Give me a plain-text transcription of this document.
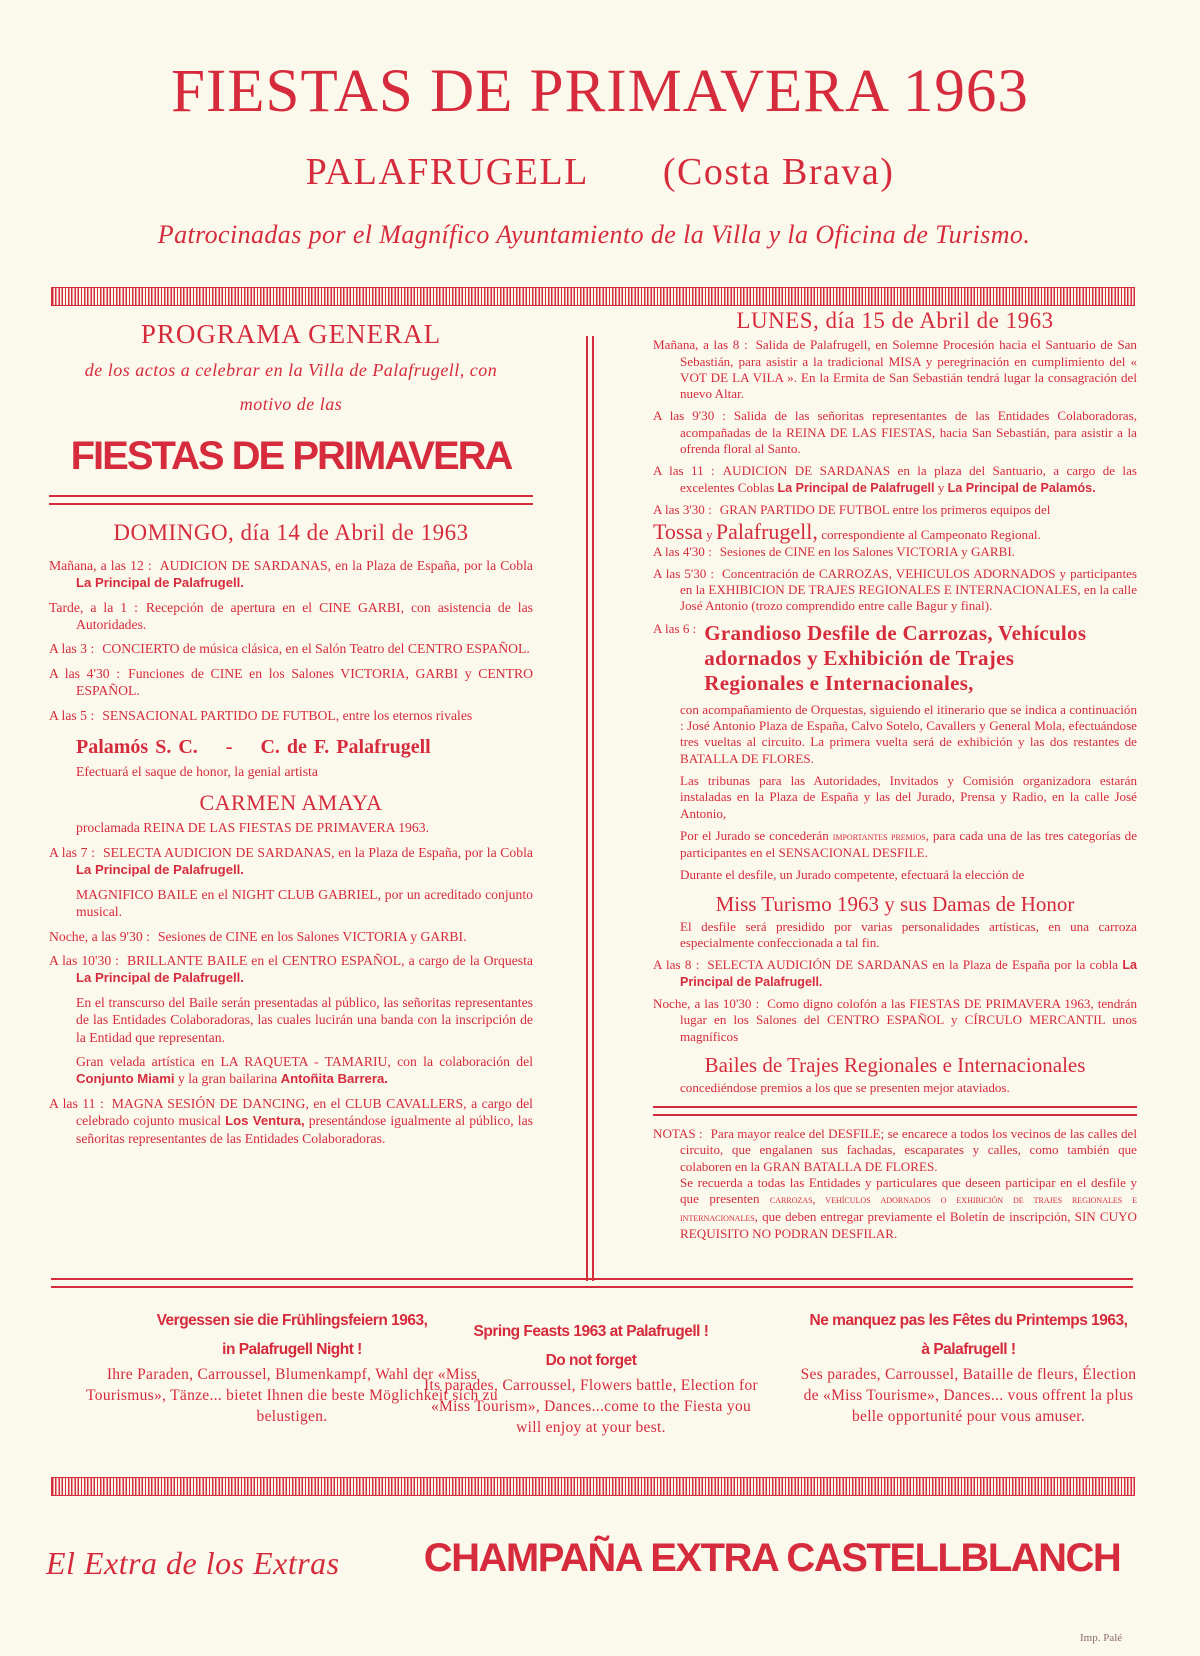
FIESTAS DE PRIMAVERA 1963
PALAFRUGELL (Costa Brava)
Patrocinadas por el Magnífico Ayuntamiento de la Villa y la Oficina de Turismo.
PROGRAMA GENERAL
de los actos a celebrar en la Villa de Palafrugell, con
motivo de las
FIESTAS DE PRIMAVERA
DOMINGO, día 14 de Abril de 1963
Mañana, a las 12 : AUDICION DE SARDANAS, en la Plaza de España, por la Cobla La Principal de Palafrugell.
Tarde, a la 1 : Recepción de apertura en el CINE GARBI, con asistencia de las Autoridades.
A las 3 : CONCIERTO de música clásica, en el Salón Teatro del CENTRO ESPAÑOL.
A las 4'30 : Funciones de CINE en los Salones VICTORIA, GARBI y CENTRO ESPAÑOL.
A las 5 : SENSACIONAL PARTIDO DE FUTBOL, entre los eternos rivales
Palamós S. C.    -    C. de F. Palafrugell
Efectuará el saque de honor, la genial artista
CARMEN AMAYA
proclamada REINA DE LAS FIESTAS DE PRIMAVERA 1963.
A las 7 : SELECTA AUDICION DE SARDANAS, en la Plaza de España, por la Cobla La Principal de Palafrugell.
MAGNIFICO BAILE en el NIGHT CLUB GABRIEL, por un acreditado conjunto musical.
Noche, a las 9'30 : Sesiones de CINE en los Salones VICTORIA y GARBI.
A las 10'30 : BRILLANTE BAILE en el CENTRO ESPAÑOL, a cargo de la Orquesta La Principal de Palafrugell.
En el transcurso del Baile serán presentadas al público, las señoritas representantes de las Entidades Colaboradoras, las cuales lucirán una banda con la inscripción de la Entidad que representan.
Gran velada artística en LA RAQUETA - TAMARIU, con la colaboración del Conjunto Miami y la gran bailarina Antoñita Barrera.
A las 11 : MAGNA SESIÓN DE DANCING, en el CLUB CAVALLERS, a cargo del celebrado cojunto musical Los Ventura, presentándose igualmente al público, las señoritas representantes de las Entidades Colaboradoras.
LUNES, día 15 de Abril de 1963
Mañana, a las 8 : Salida de Palafrugell, en Solemne Procesión hacia el Santuario de San Sebastián, para asistir a la tradicional MISA y peregrinación en cumplimiento del « VOT DE LA VILA ». En la Ermita de San Sebastián tendrá lugar la consagración del nuevo Altar.
A las 9'30 : Salida de las señoritas representantes de las Entidades Colaboradoras, acompañadas de la REINA DE LAS FIESTAS, hacia San Sebastián, para asistir a la ofrenda floral al Santo.
A las 11 : AUDICION DE SARDANAS en la plaza del Santuario, a cargo de las excelentes Coblas La Principal de Palafrugell y La Principal de Palamós.
A las 3'30 : GRAN PARTIDO DE FUTBOL entre los primeros equipos del
Tossa y Palafrugell, correspondiente al Campeonato Regional.
A las 4'30 : Sesiones de CINE en los Salones VICTORIA y GARBI.
A las 5'30 : Concentración de CARROZAS, VEHICULOS ADORNADOS y participantes en la EXHIBICION DE TRAJES REGIONALES E INTERNACIONALES, en la calle José Antonio (trozo comprendido entre calle Bagur y final).
A las 6 : Grandioso Desfile de Carrozas, Vehículos adornados y Exhibición de Trajes Regionales e Internacionales,
con acompañamiento de Orquestas, siguiendo el itinerario que se indica a continuación : José Antonio Plaza de España, Calvo Sotelo, Cavallers y General Mola, efectuándose tres vueltas al circuito. La primera vuelta será de exhibición y las dos restantes de BATALLA DE FLORES.
Las tribunas para las Autoridades, Invitados y Comisión organizadora estarán instaladas en la Plaza de España y las del Jurado, Prensa y Radio, en la calle José Antonio,
Por el Jurado se concederán importantes premios, para cada una de las tres categorías de participantes en el SENSACIONAL DESFILE.
Durante el desfile, un Jurado competente, efectuará la elección de
Miss Turismo 1963 y sus Damas de Honor
El desfile será presidido por varias personalidades artísticas, en una carroza especialmente confeccionada a tal fin.
A las 8 : SELECTA AUDICIÓN DE SARDANAS en la Plaza de España por la cobla La Principal de Palafrugell.
Noche, a las 10'30 : Como digno colofón a las FIESTAS DE PRIMAVERA 1963, tendrán lugar en los Salones del CENTRO ESPAÑOL y CÍRCULO MERCANTIL unos magníficos
Bailes de Trajes Regionales e Internacionales
concediéndose premios a los que se presenten mejor ataviados.
NOTAS : Para mayor realce del DESFILE; se encarece a todos los vecinos de las calles del circuito, que engalanen sus fachadas, escaparates y calles, como también que colaboren en la GRAN BATALLA DE FLORES.
Se recuerda a todas las Entidades y particulares que deseen participar en el desfile y que presenten carrozas, vehículos adornados o exhibición de trajes regionales e internacionales, que deben entregar previamente el Boletín de inscripción, SIN CUYO REQUISITO NO PODRAN DESFILAR.
Vergessen sie die Frühlingsfeiern 1963,
in Palafrugell Night !
Ihre Paraden, Carroussel, Blumenkampf, Wahl der «Miss Tourismus», Tänze... bietet Ihnen die beste Möglichkeit sich zu belustigen.
Spring Feasts 1963 at Palafrugell !
Do not forget
Its parades, Carroussel, Flowers battle, Election for «Miss Tourism», Dances...come to the Fiesta you will enjoy at your best.
Ne manquez pas les Fêtes du Printemps 1963,
à Palafrugell !
Ses parades, Carroussel, Bataille de fleurs, Élection de «Miss Tourisme», Dances... vous offrent la plus belle opportunité pour vous amuser.
El Extra de los Extras	CHAMPAÑA EXTRA CASTELLBLANCH
Imp. Palé
